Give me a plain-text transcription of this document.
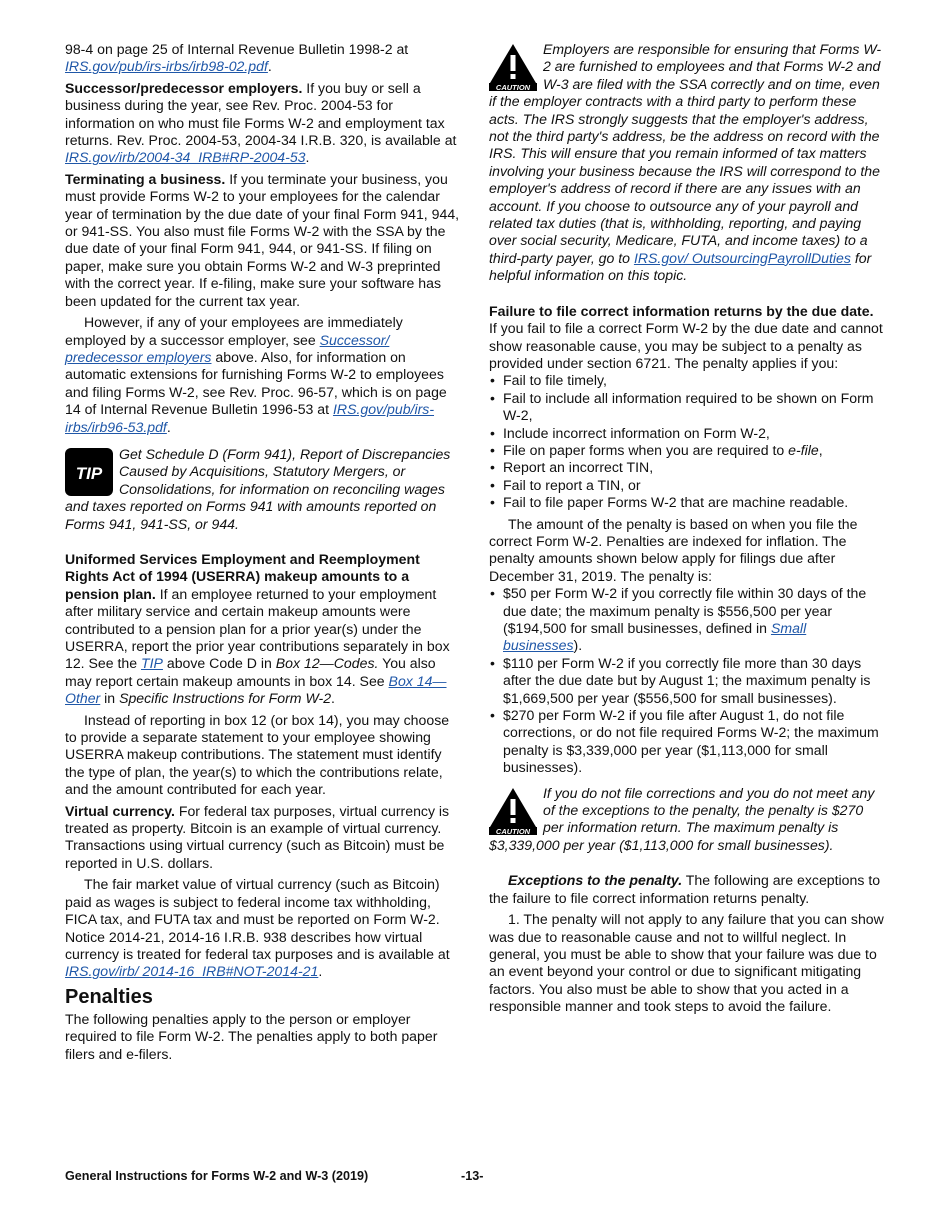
98-4 on page 25 of Internal Revenue Bulletin 1998-2 at IRS.gov/pub/irs-irbs/irb98-02.pdf.

Successor/predecessor employers. If you buy or sell a business during the year, see Rev. Proc. 2004-53 for information on who must file Forms W-2 and employment tax returns. Rev. Proc. 2004-53, 2004-34 I.R.B. 320, is available at IRS.gov/irb/2004-34_IRB#RP-2004-53.

Terminating a business. If you terminate your business, you must provide Forms W-2 to your employees for the calendar year of termination by the due date of your final Form 941, 944, or 941-SS. You also must file Forms W-2 with the SSA by the due date of your final Form 941, 944, or 941-SS. If filing on paper, make sure you obtain Forms W-2 and W-3 preprinted with the correct year. If e-filing, make sure your software has been updated for the current tax year.

However, if any of your employees are immediately employed by a successor employer, see Successor/ predecessor employers above. Also, for information on automatic extensions for furnishing Forms W-2 to employees and filing Forms W-2, see Rev. Proc. 96-57, which is on page 14 of Internal Revenue Bulletin 1996-53 at IRS.gov/pub/irs-irbs/irb96-53.pdf.

TIP
Get Schedule D (Form 941), Report of Discrepancies Caused by Acquisitions, Statutory Mergers, or Consolidations, for information on reconciling wages and taxes reported on Forms 941 with amounts reported on Forms 941, 941-SS, or 944.

Uniformed Services Employment and Reemployment Rights Act of 1994 (USERRA) makeup amounts to a pension plan. If an employee returned to your employment after military service and certain makeup amounts were contributed to a pension plan for a prior year(s) under the USERRA, report the prior year contributions separately in box 12. See the TIP above Code D in Box 12—Codes. You also may report certain makeup amounts in box 14. See Box 14—Other in Specific Instructions for Form W-2.

Instead of reporting in box 12 (or box 14), you may choose to provide a separate statement to your employee showing USERRA makeup contributions. The statement must identify the type of plan, the year(s) to which the contributions relate, and the amount contributed for each year.

Virtual currency. For federal tax purposes, virtual currency is treated as property. Bitcoin is an example of virtual currency. Transactions using virtual currency (such as Bitcoin) must be reported in U.S. dollars.

The fair market value of virtual currency (such as Bitcoin) paid as wages is subject to federal income tax withholding, FICA tax, and FUTA tax and must be reported on Form W-2. Notice 2014-21, 2014-16 I.R.B. 938 describes how virtual currency is treated for federal tax purposes and is available at IRS.gov/irb/ 2014-16_IRB#NOT-2014-21.

Penalties

The following penalties apply to the person or employer required to file Form W-2. The penalties apply to both paper filers and e-filers.

CAUTION
Employers are responsible for ensuring that Forms W-2 are furnished to employees and that Forms W-2 and W-3 are filed with the SSA correctly and on time, even if the employer contracts with a third party to perform these acts. The IRS strongly suggests that the employer's address, not the third party's address, be the address on record with the IRS. This will ensure that you remain informed of tax matters involving your business because the IRS will correspond to the employer's address of record if there are any issues with an account. If you choose to outsource any of your payroll and related tax duties (that is, withholding, reporting, and paying over social security, Medicare, FUTA, and income taxes) to a third-party payer, go to IRS.gov/ OutsourcingPayrollDuties for helpful information on this topic.

Failure to file correct information returns by the due date. If you fail to file a correct Form W-2 by the due date and cannot show reasonable cause, you may be subject to a penalty as provided under section 6721. The penalty applies if you:

• Fail to file timely,
• Fail to include all information required to be shown on Form W-2,
• Include incorrect information on Form W-2,
• File on paper forms when you are required to e-file,
• Report an incorrect TIN,
• Fail to report a TIN, or
• Fail to file paper Forms W-2 that are machine readable.

The amount of the penalty is based on when you file the correct Form W-2. Penalties are indexed for inflation. The penalty amounts shown below apply for filings due after December 31, 2019. The penalty is:

• $50 per Form W-2 if you correctly file within 30 days of the due date; the maximum penalty is $556,500 per year ($194,500 for small businesses, defined in Small businesses).
• $110 per Form W-2 if you correctly file more than 30 days after the due date but by August 1; the maximum penalty is $1,669,500 per year ($556,500 for small businesses).
• $270 per Form W-2 if you file after August 1, do not file corrections, or do not file required Forms W-2; the maximum penalty is $3,339,000 per year ($1,113,000 for small businesses).
CAUTION
If you do not file corrections and you do not meet any of the exceptions to the penalty, the penalty is $270 per information return. The maximum penalty is $3,339,000 per year ($1,113,000 for small businesses).

Exceptions to the penalty. The following are exceptions to the failure to file correct information returns penalty.

1. The penalty will not apply to any failure that you can show was due to reasonable cause and not to willful neglect. In general, you must be able to show that your failure was due to an event beyond your control or due to significant mitigating factors. You also must be able to show that you acted in a responsible manner and took steps to avoid the failure.

General Instructions for Forms W-2 and W-3 (2019)	-13-
